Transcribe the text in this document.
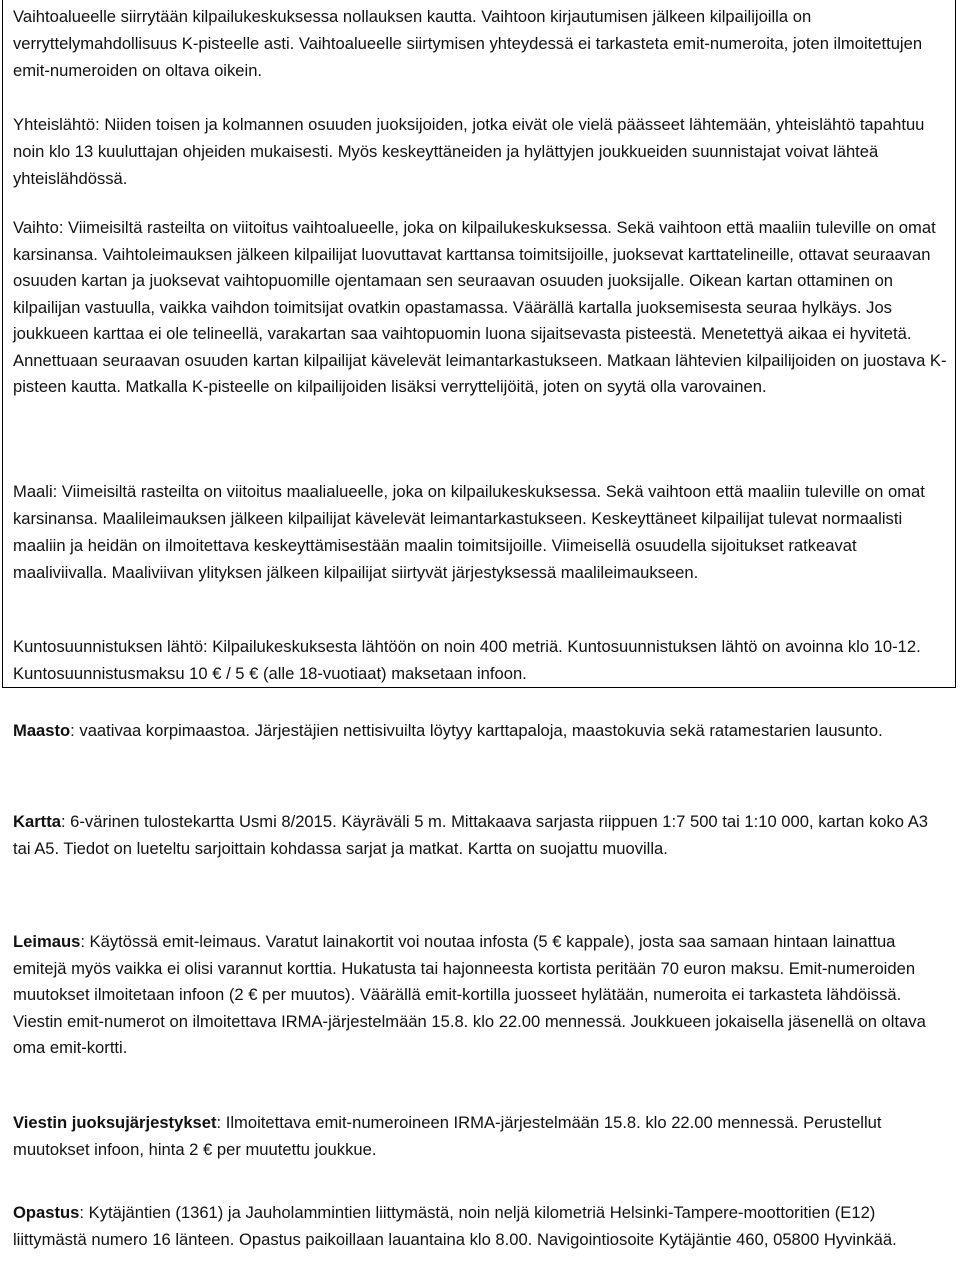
Vaihtoalueelle siirrytään kilpailukeskuksessa nollauksen kautta. Vaihtoon kirjautumisen jälkeen kilpailijoilla on verryttelymahdollisuus K-pisteelle asti. Vaihtoalueelle siirtymisen yhteydessä ei tarkasteta emit-numeroita, joten ilmoitettujen emit-numeroiden on oltava oikein.

Yhteislähtö: Niiden toisen ja kolmannen osuuden juoksijoiden, jotka eivät ole vielä päässeet lähtemään, yhteislähtö tapahtuu noin klo 13 kuuluttajan ohjeiden mukaisesti. Myös keskeyttäneiden ja hylättyjen joukkueiden suunnistajat voivat lähteä yhteislähdössä.

Vaihto: Viimeisiltä rasteilta on viitoitus vaihtoalueelle, joka on kilpailukeskuksessa. Sekä vaihtoon että maaliin tuleville on omat karsinansa. Vaihtoleimauksen jälkeen kilpailijat luovuttavat karttansa toimitsijoille, juoksevat karttatelineille, ottavat seuraavan osuuden kartan ja juoksevat vaihtopuomille ojentamaan sen seuraavan osuuden juoksijalle. Oikean kartan ottaminen on kilpailijan vastuulla, vaikka vaihdon toimitsijat ovatkin opastamassa. Väärällä kartalla juoksemisesta seuraa hylkäys. Jos joukkueen karttaa ei ole telineellä, varakartan saa vaihtopuomin luona sijaitsevasta pisteestä. Menetettyä aikaa ei hyvitetä. Annettuaan seuraavan osuuden kartan kilpailijat kävelevät leimantarkastukseen. Matkaan lähtevien kilpailijoiden on juostava K-pisteen kautta. Matkalla K-pisteelle on kilpailijoiden lisäksi verryttelijöitä, joten on syytä olla varovainen.

Maali: Viimeisiltä rasteilta on viitoitus maalialueelle, joka on kilpailukeskuksessa. Sekä vaihtoon että maaliin tuleville on omat karsinansa. Maalileimauksen jälkeen kilpailijat kävelevät leimantarkastukseen. Keskeyttäneet kilpailijat tulevat normaalisti maaliin ja heidän on ilmoitettava keskeyttämisestään maalin toimitsijoille. Viimeisellä osuudella sijoitukset ratkeavat maaliviivalla. Maaliviivan ylityksen jälkeen kilpailijat siirtyvät järjestyksessä maalileimaukseen.

Kuntosuunnistuksen lähtö: Kilpailukeskuksesta lähtöön on noin 400 metriä. Kuntosuunnistuksen lähtö on avoinna klo 10-12. Kuntosuunnistusmaksu 10 € / 5 € (alle 18-vuotiaat) maksetaan infoon.

Maasto: vaativaa korpimaastoa. Järjestäjien nettisivuilta löytyy karttapaloja, maastokuvia sekä ratamestarien lausunto.

Kartta: 6-värinen tulostekartta Usmi 8/2015. Käyräväli 5 m. Mittakaava sarjasta riippuen 1:7 500 tai 1:10 000, kartan koko A3 tai A5. Tiedot on lueteltu sarjoittain kohdassa sarjat ja matkat. Kartta on suojattu muovilla.

Leimaus: Käytössä emit-leimaus. Varatut lainakortit voi noutaa infosta (5 € kappale), josta saa samaan hintaan lainattua emitejä myös vaikka ei olisi varannut korttia. Hukatusta tai hajonneesta kortista peritään 70 euron maksu. Emit-numeroiden muutokset ilmoitetaan infoon (2 € per muutos). Väärällä emit-kortilla juosseet hylätään, numeroita ei tarkasteta lähdöissä. Viestin emit-numerot on ilmoitettava IRMA-järjestelmään 15.8. klo 22.00 mennessä. Joukkueen jokaisella jäsenellä on oltava oma emit-kortti.

Viestin juoksujärjestykset: Ilmoitettava emit-numeroineen IRMA-järjestelmään 15.8. klo 22.00 mennessä. Perustellut muutokset infoon, hinta 2 € per muutettu joukkue.

Opastus: Kytäjäntien (1361) ja Jauholammintien liittymästä, noin neljä kilometriä Helsinki-Tampere-moottoritien (E12) liittymästä numero 16 länteen. Opastus paikoillaan lauantaina klo 8.00. Navigointiosoite Kytäjäntie 460, 05800 Hyvinkää.
